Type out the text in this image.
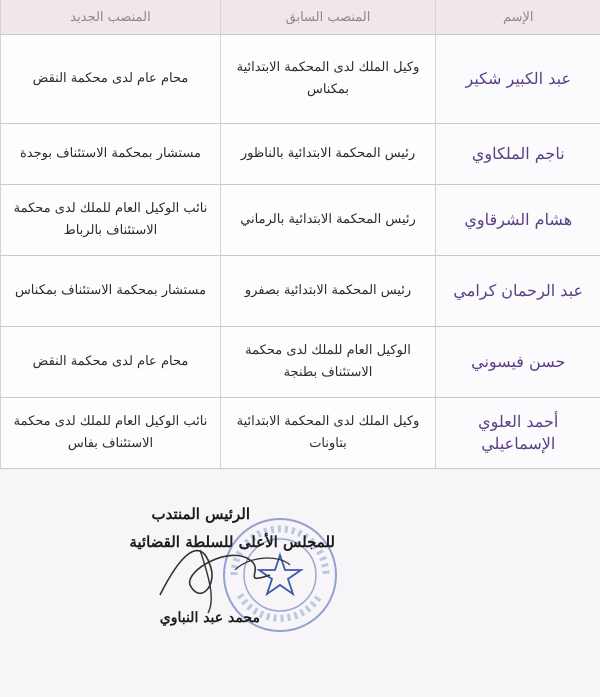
الإسم	المنصب السابق	المنصب الجديد
عبد الكبير شكير	وكيل الملك لدى المحكمة الابتدائية بمكناس	محام عام لدى محكمة النقض
ناجم الملكاوي	رئيس المحكمة الابتدائية بالناظور	مستشار بمحكمة الاستئناف بوجدة
هشام الشرقاوي	رئيس المحكمة الابتدائية بالرماني	نائب الوكيل العام للملك لدى محكمة الاستئناف بالرباط
عبد الرحمان كرامي	رئيس المحكمة الابتدائية بصفرو	مستشار بمحكمة الاستئناف بمكناس
حسن فيسوني	الوكيل العام للملك لدى محكمة الاستئناف بطنجة	محام عام لدى محكمة النقض
أحمد العلوي الإسماعيلي	وكيل الملك لدى المحكمة الابتدائية بتاونات	نائب الوكيل العام للملك لدى محكمة الاستئناف بفاس
الرئيس المنتدب
للمجلس الأعلى للسلطة القضائية
محمد عبد النباوي
